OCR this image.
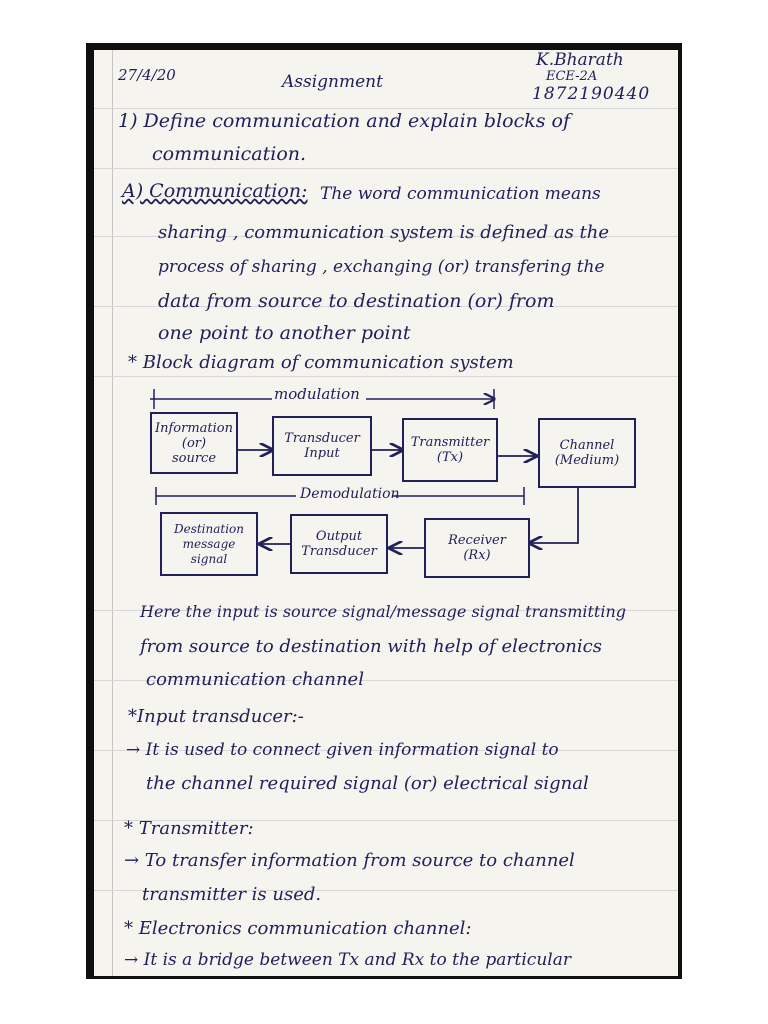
27/4/20	Assignment
K.Bharath
ECE-2A
1872190440
1) Define communication and explain blocks of
communication.
A) Communication: The word communication means
sharing , communication system is defined as the
process of sharing , exchanging (or) transfering the
data from source to destination (or) from
one point to another point
* Block diagram of communication system
modulation
Demodulation
Information
(or)
source
Transducer
Input
Transmitter
(Tx)
Channel
(Medium)
Receiver
(Rx)
Output
Transducer
Destination
message
signal
Here the input is source signal/message signal transmitting
from source to destination with help of electronics
communication channel
*Input transducer:-
→ It is used to connect given information signal to
the channel required signal (or) electrical signal
* Transmitter:
→ To transfer information from source to channel
transmitter is used.
* Electronics communication channel:
→ It is a bridge between Tx and Rx to the particular
